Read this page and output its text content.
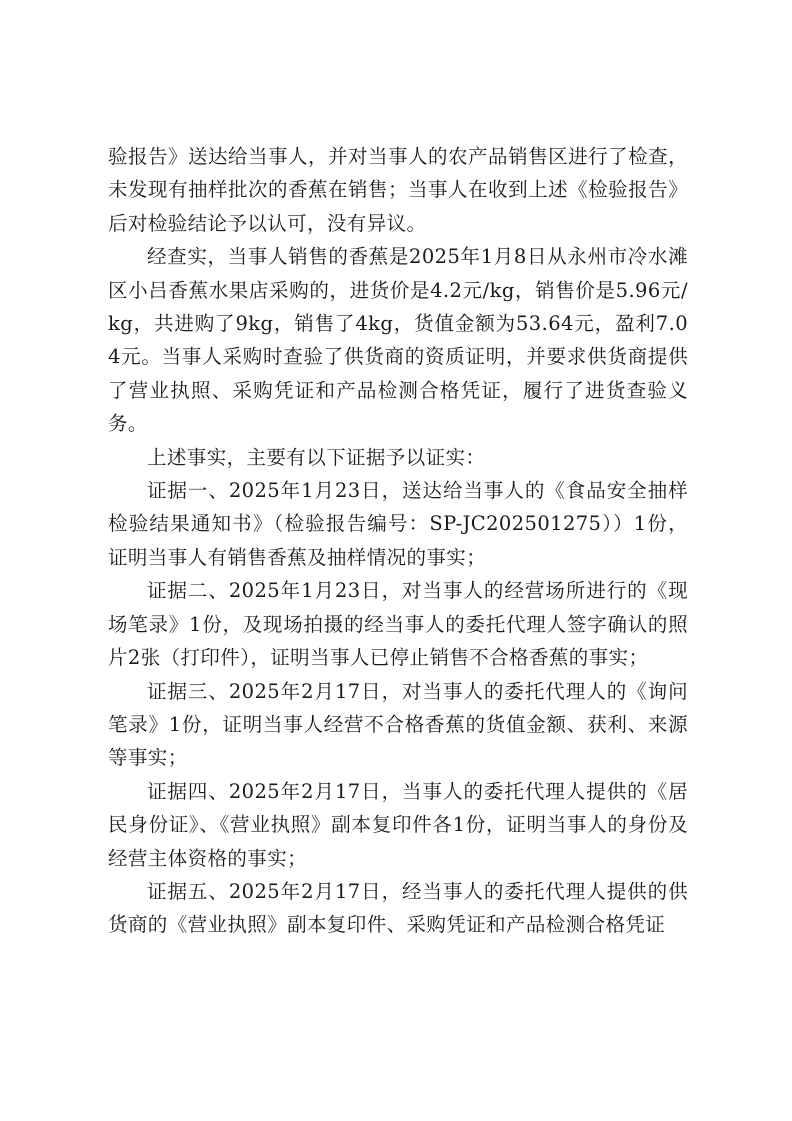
验报告》送达给当事人，并对当事人的农产品销售区进行了检查，未发现有抽样批次的香蕉在销售；当事人在收到上述《检验报告》后对检验结论予以认可，没有异议。

经查实，当事人销售的香蕉是2025年1月8日从永州市冷水滩区小吕香蕉水果店采购的，进货价是4.2元/kg，销售价是5.96元/kg，共进购了9kg，销售了4kg，货值金额为53.64元，盈利7.04元。当事人采购时查验了供货商的资质证明，并要求供货商提供了营业执照、采购凭证和产品检测合格凭证，履行了进货查验义务。

上述事实，主要有以下证据予以证实：

证据一、2025年1月23日，送达给当事人的《食品安全抽样检验结果通知书》（检验报告编号：SP-JC202501275））1份，证明当事人有销售香蕉及抽样情况的事实；

证据二、2025年1月23日，对当事人的经营场所进行的《现场笔录》1份，及现场拍摄的经当事人的委托代理人签字确认的照片2张（打印件），证明当事人已停止销售不合格香蕉的事实；

证据三、2025年2月17日，对当事人的委托代理人的《询问笔录》1份，证明当事人经营不合格香蕉的货值金额、获利、来源等事实；

证据四、2025年2月17日，当事人的委托代理人提供的《居民身份证》、《营业执照》副本复印件各1份，证明当事人的身份及经营主体资格的事实；

证据五、2025年2月17日，经当事人的委托代理人提供的供货商的《营业执照》副本复印件、采购凭证和产品检测合格凭证
